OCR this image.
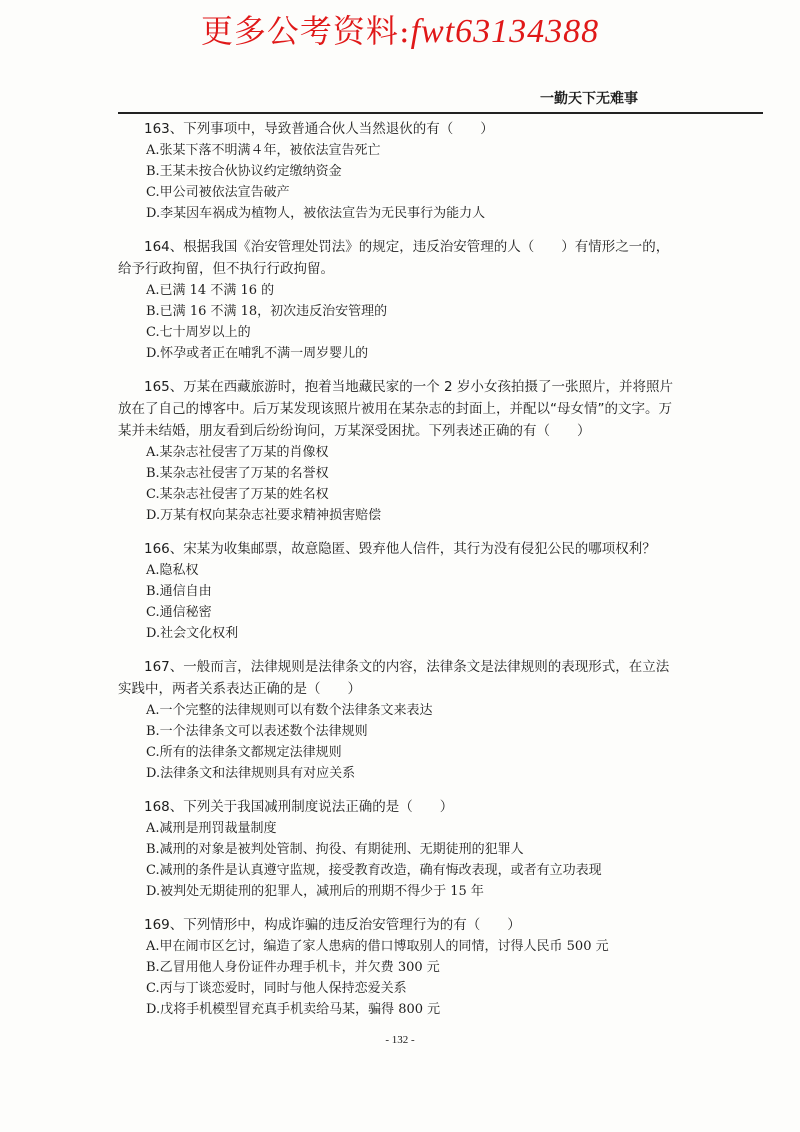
更多公考资料:fwt63134388
一勤天下无难事
163、下列事项中，导致普通合伙人当然退伙的有（　　）
A.张某下落不明满４年，被依法宣告死亡
B.王某未按合伙协议约定缴纳资金
C.甲公司被依法宣告破产
D.李某因车祸成为植物人，被依法宣告为无民事行为能力人
164、根据我国《治安管理处罚法》的规定，违反治安管理的人（　　）有情形之一的，给予行政拘留，但不执行行政拘留。
A.已满 14 不满 16 的
B.已满 16 不满 18，初次违反治安管理的
C.七十周岁以上的
D.怀孕或者正在哺乳不满一周岁婴儿的
165、万某在西藏旅游时，抱着当地藏民家的一个 2 岁小女孩拍摄了一张照片，并将照片放在了自己的博客中。后万某发现该照片被用在某杂志的封面上，并配以“母女情”的文字。万某并未结婚，朋友看到后纷纷询问，万某深受困扰。下列表述正确的有（　　）
A.某杂志社侵害了万某的肖像权
B.某杂志社侵害了万某的名誉权
C.某杂志社侵害了万某的姓名权
D.万某有权向某杂志社要求精神损害赔偿
166、宋某为收集邮票，故意隐匿、毁弃他人信件，其行为没有侵犯公民的哪项权利？
A.隐私权
B.通信自由
C.通信秘密
D.社会文化权利
167、一般而言，法律规则是法律条文的内容，法律条文是法律规则的表现形式，在立法实践中，两者关系表达正确的是（　　）
A.一个完整的法律规则可以有数个法律条文来表达
B.一个法律条文可以表述数个法律规则
C.所有的法律条文都规定法律规则
D.法律条文和法律规则具有对应关系
168、下列关于我国减刑制度说法正确的是（　　）
A.减刑是刑罚裁量制度
B.减刑的对象是被判处管制、拘役、有期徒刑、无期徒刑的犯罪人
C.减刑的条件是认真遵守监规，接受教育改造，确有悔改表现，或者有立功表现
D.被判处无期徒刑的犯罪人，减刑后的刑期不得少于 15 年
169、下列情形中，构成诈骗的违反治安管理行为的有（　　）
A.甲在闹市区乞讨，编造了家人患病的借口博取别人的同情，讨得人民币 500 元
B.乙冒用他人身份证件办理手机卡，并欠费 300 元
C.丙与丁谈恋爱时，同时与他人保持恋爱关系
D.戊将手机模型冒充真手机卖给马某，骗得 800 元
- 132 -
